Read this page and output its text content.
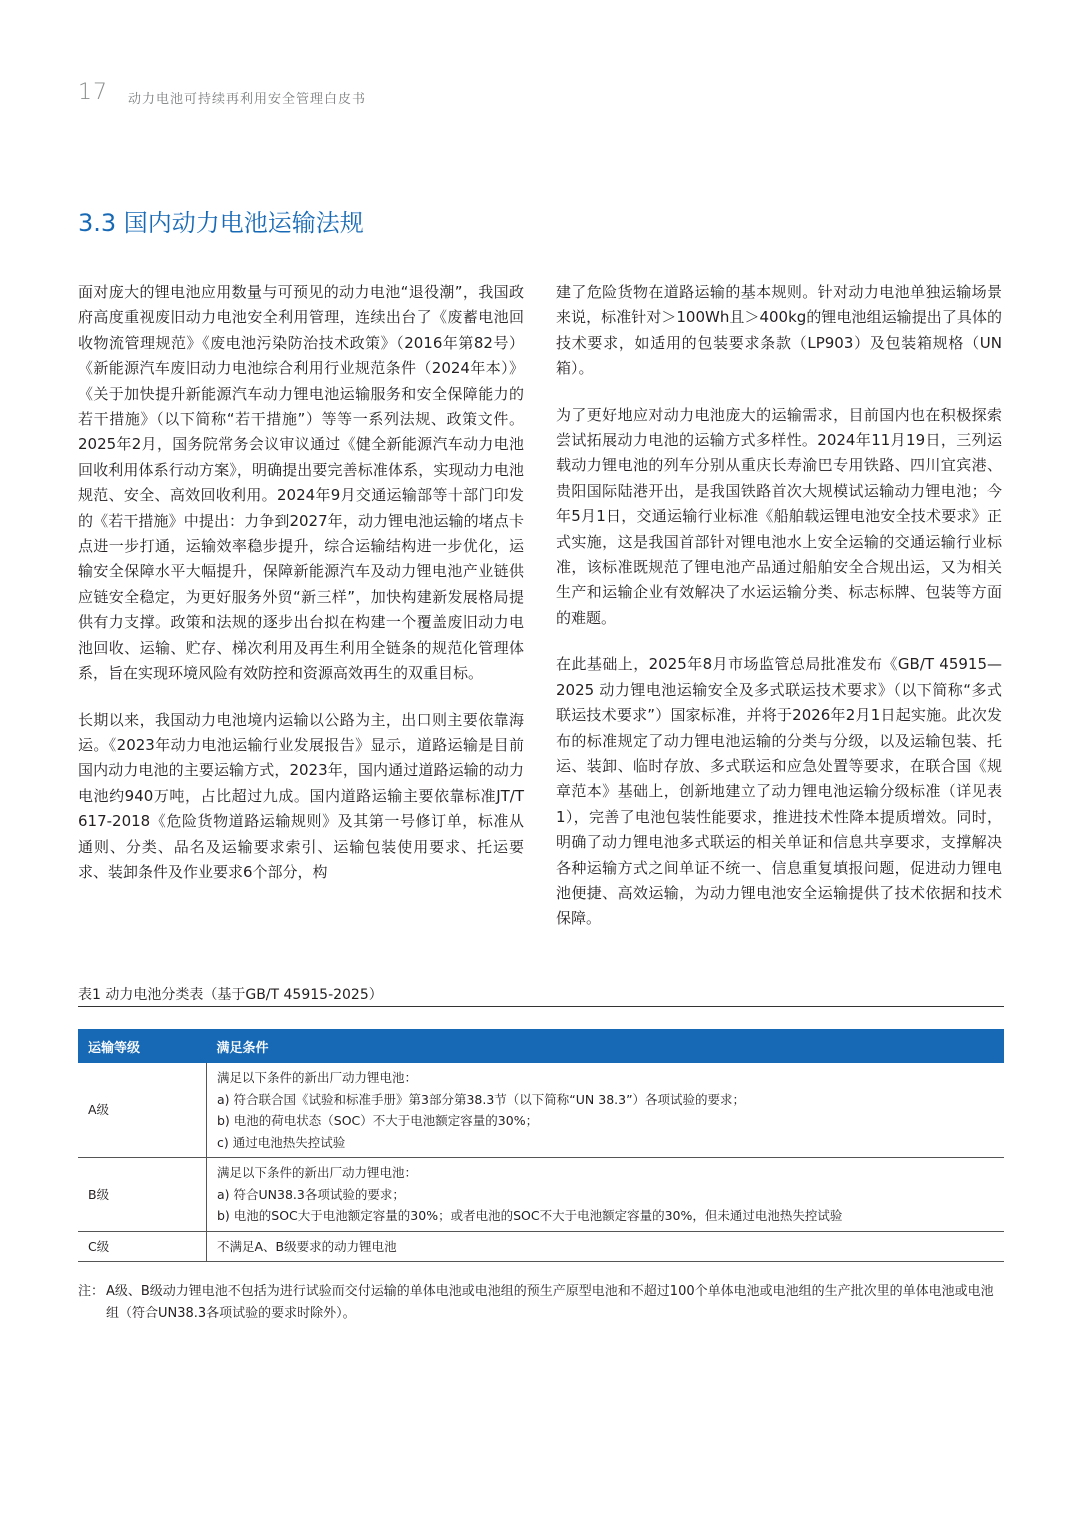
17 动力电池可持续再利用安全管理白皮书
3.3 国内动力电池运输法规

面对庞大的锂电池应用数量与可预见的动力电池“退役潮”，我国政府高度重视废旧动力电池安全利用管理，连续出台了《废蓄电池回收物流管理规范》《废电池污染防治技术政策》（2016年第82号）《新能源汽车废旧动力电池综合利用行业规范条件（2024年本）》《关于加快提升新能源汽车动力锂电池运输服务和安全保障能力的若干措施》（以下简称“若干措施”）等等一系列法规、政策文件。2025年2月，国务院常务会议审议通过《健全新能源汽车动力电池回收利用体系行动方案》，明确提出要完善标准体系，实现动力电池规范、安全、高效回收利用。2024年9月交通运输部等十部门印发的《若干措施》中提出：力争到2027年，动力锂电池运输的堵点卡点进一步打通，运输效率稳步提升，综合运输结构进一步优化，运输安全保障水平大幅提升，保障新能源汽车及动力锂电池产业链供应链安全稳定，为更好服务外贸“新三样”，加快构建新发展格局提供有力支撑。政策和法规的逐步出台拟在构建一个覆盖废旧动力电池回收、运输、贮存、梯次利用及再生利用全链条的规范化管理体系，旨在实现环境风险有效防控和资源高效再生的双重目标。

长期以来，我国动力电池境内运输以公路为主，出口则主要依靠海运。《2023年动力电池运输行业发展报告》显示，道路运输是目前国内动力电池的主要运输方式，2023年，国内通过道路运输的动力电池约940万吨，占比超过九成。国内道路运输主要依靠标准JT/T 617-2018《危险货物道路运输规则》及其第一号修订单，标准从通则、分类、品名及运输要求索引、运输包装使用要求、托运要求、装卸条件及作业要求6个部分，构

建了危险货物在道路运输的基本规则。针对动力电池单独运输场景来说，标准针对＞100Wh且＞400kg的锂电池组运输提出了具体的技术要求，如适用的包装要求条款（LP903）及包装箱规格（UN箱）。

为了更好地应对动力电池庞大的运输需求，目前国内也在积极探索尝试拓展动力电池的运输方式多样性。2024年11月19日，三列运载动力锂电池的列车分别从重庆长寿渝巴专用铁路、四川宜宾港、贵阳国际陆港开出，是我国铁路首次大规模试运输动力锂电池；今年5月1日，交通运输行业标准《船舶载运锂电池安全技术要求》正式实施，这是我国首部针对锂电池水上安全运输的交通运输行业标准，该标准既规范了锂电池产品通过船舶安全合规出运，又为相关生产和运输企业有效解决了水运运输分类、标志标牌、包装等方面的难题。

在此基础上，2025年8月市场监管总局批准发布《GB/T 45915—2025 动力锂电池运输安全及多式联运技术要求》（以下简称“多式联运技术要求”）国家标准，并将于2026年2月1日起实施。此次发布的标准规定了动力锂电池运输的分类与分级，以及运输包装、托运、装卸、临时存放、多式联运和应急处置等要求，在联合国《规章范本》基础上，创新地建立了动力锂电池运输分级标准（详见表1），完善了电池包装性能要求，推进技术性降本提质增效。同时，明确了动力锂电池多式联运的相关单证和信息共享要求，支撑解决各种运输方式之间单证不统一、信息重复填报问题，促进动力锂电池便捷、高效运输，为动力锂电池安全运输提供了技术依据和技术保障。

表1 动力电池分类表（基于GB/T 45915-2025）
运输等级	满足条件
A级	满足以下条件的新出厂动力锂电池：
a) 符合联合国《试验和标准手册》第3部分第38.3节（以下简称“UN 38.3”）各项试验的要求；
b) 电池的荷电状态（SOC）不大于电池额定容量的30%；
c) 通过电池热失控试验

B级	满足以下条件的新出厂动力锂电池：
a) 符合UN38.3各项试验的要求；
b) 电池的SOC大于电池额定容量的30%；或者电池的SOC不大于电池额定容量的30%，但未通过电池热失控试验

C级	不满足A、B级要求的动力锂电池
注： A级、B级动力锂电池不包括为进行试验而交付运输的单体电池或电池组的预生产原型电池和不超过100个单体电池或电池组的生产批次里的单体电池或电池组（符合UN38.3各项试验的要求时除外）。
